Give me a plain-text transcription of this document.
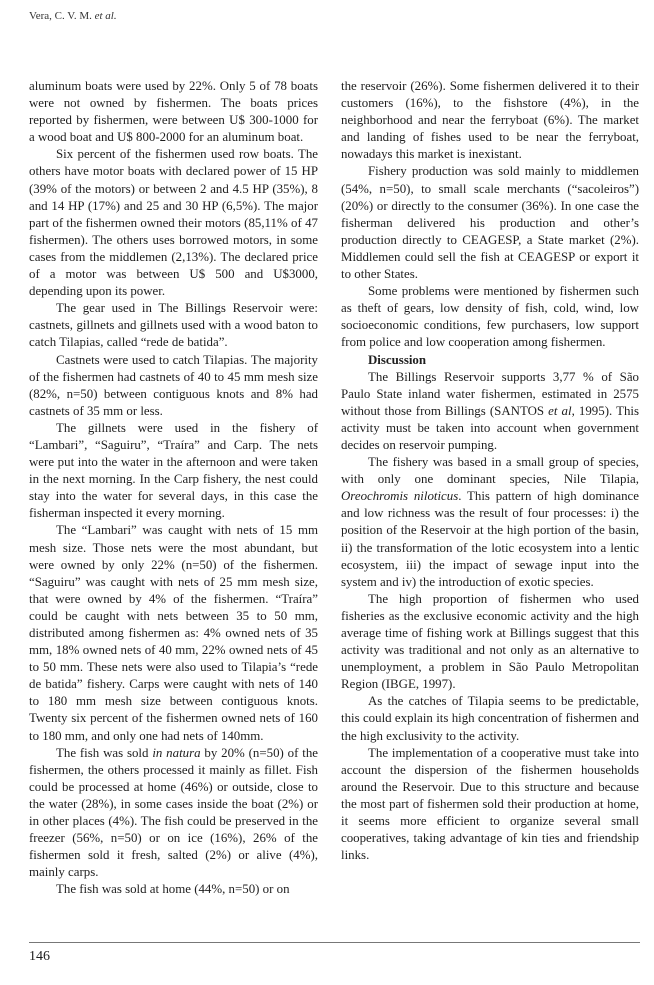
Vera, C. V. M. et al.

aluminum boats were used by 22%. Only 5 of 78 boats were not owned by fishermen. The boats prices reported by fishermen, were between U$ 300-1000 for a wood boat and U$ 800-2000 for an aluminum boat.

Six percent of the fishermen used row boats. The others have motor boats with declared power of 15 HP (39% of the motors) or between 2 and 4.5 HP (35%), 8 and 14 HP (17%) and 25 and 30 HP (6,5%). The major part of the fishermen owned their motors (85,11% of 47 fishermen). The others uses borrowed motors, in some cases from the middlemen (2,13%). The declared price of a motor was between U$ 500 and U$3000, depending upon its power.

The gear used in The Billings Reservoir were: castnets, gillnets and gillnets used with a wood baton to catch Tilapias, called “rede de batida”.

Castnets were used to catch Tilapias. The majority of the fishermen had castnets of 40 to 45 mm mesh size (82%, n=50) between contiguous knots and 8% had castnets of 35 mm or less.

The gillnets were used in the fishery of “Lambari”, “Saguiru”, “Traíra” and Carp. The nets were put into the water in the afternoon and were taken in the next morning. In the Carp fishery, the nest could stay into the water for several days, in this case the fisherman inspected it every morning.

The “Lambari” was caught with nets of 15 mm mesh size. Those nets were the most abundant, but were owned by only 22% (n=50) of the fishermen. “Saguiru” was caught with nets of 25 mm mesh size, that were owned by 4% of the fishermen. “Traíra” could be caught with nets between 35 to 50 mm, distributed among fishermen as: 4% owned nets of 35 mm, 18% owned nets of 40 mm, 22% owned nets of 45 to 50 mm. These nets were also used to Tilapia’s “rede de batida” fishery. Carps were caught with nets of 140 to 180 mm mesh size between contiguous knots. Twenty six percent of the fishermen owned nets of 160 to 180 mm, and only one had nets of 140mm.

The fish was sold in natura by 20% (n=50) of the fishermen, the others processed it mainly as fillet. Fish could be processed at home (46%) or outside, close to the water (28%), in some cases inside the boat (2%) or in other places (4%). The fish could be preserved in the freezer (56%, n=50) or on ice (16%), 26% of the fishermen sold it fresh, salted (2%) or alive (4%), mainly carps.

The fish was sold at home (44%, n=50) or on

the reservoir (26%). Some fishermen delivered it to their customers (16%), to the fishstore (4%), in the neighborhood and near the ferryboat (6%). The market and landing of fishes used to be near the ferryboat, nowadays this market is inexistant.

Fishery production was sold mainly to middlemen (54%, n=50), to small scale merchants (“sacoleiros”) (20%) or directly to the consumer (36%). In one case the fisherman delivered his production and other’s production directly to CEAGESP, a State market (2%). Middlemen could sell the fish at CEAGESP or export it to other States.

Some problems were mentioned by fishermen such as theft of gears, low density of fish, cold, wind, low socioeconomic conditions, few purchasers, low support from police and low cooperation among fishermen.

Discussion

The Billings Reservoir supports 3,77 % of São Paulo State inland water fishermen, estimated in 2575 without those from Billings (SANTOS et al, 1995). This activity must be taken into account when government decides on reservoir pumping.

The fishery was based in a small group of species, with only one dominant species, Nile Tilapia, Oreochromis niloticus. This pattern of high dominance and low richness was the result of four processes: i) the position of the Reservoir at the high portion of the basin, ii) the transformation of the lotic ecosystem into a lentic ecosystem, iii) the impact of sewage input into the system and iv) the introduction of exotic species.

The high proportion of fishermen who used fisheries as the exclusive economic activity and the high average time of fishing work at Billings suggest that this activity was traditional and not only as an alternative to unemployment, a problem in São Paulo Metropolitan Region (IBGE, 1997).

As the catches of Tilapia seems to be predictable, this could explain its high concentration of fishermen and the high exclusivity to the activity.

The implementation of a cooperative must take into account the dispersion of the fishermen households around the Reservoir. Due to this structure and because the most part of fishermen sold their production at home, it seems more efficient to organize several small cooperatives, taking advantage of kin ties and friendship links.

146
